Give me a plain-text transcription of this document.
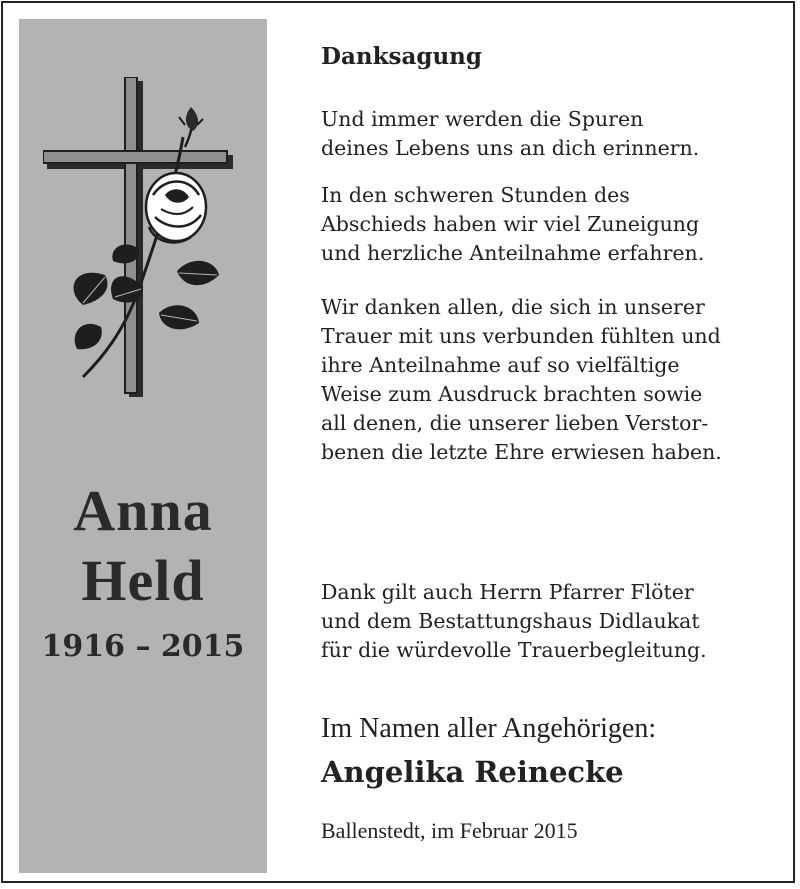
Anna
Held
1916 – 2015
Danksagung
Und immer werden die Spuren
deines Lebens uns an dich erinnern.
In den schweren Stunden des
Abschieds haben wir viel Zuneigung
und herzliche Anteilnahme erfahren.
Wir danken allen, die sich in unserer
Trauer mit uns verbunden fühlten und
ihre Anteilnahme auf so vielfältige
Weise zum Ausdruck brachten sowie
all denen, die unserer lieben Verstor-
benen die letzte Ehre erwiesen haben.
Dank gilt auch Herrn Pfarrer Flöter
und dem Bestattungshaus Didlaukat
für die würdevolle Trauerbegleitung.
Im Namen aller Angehörigen:
Angelika Reinecke
Ballenstedt, im Februar 2015
